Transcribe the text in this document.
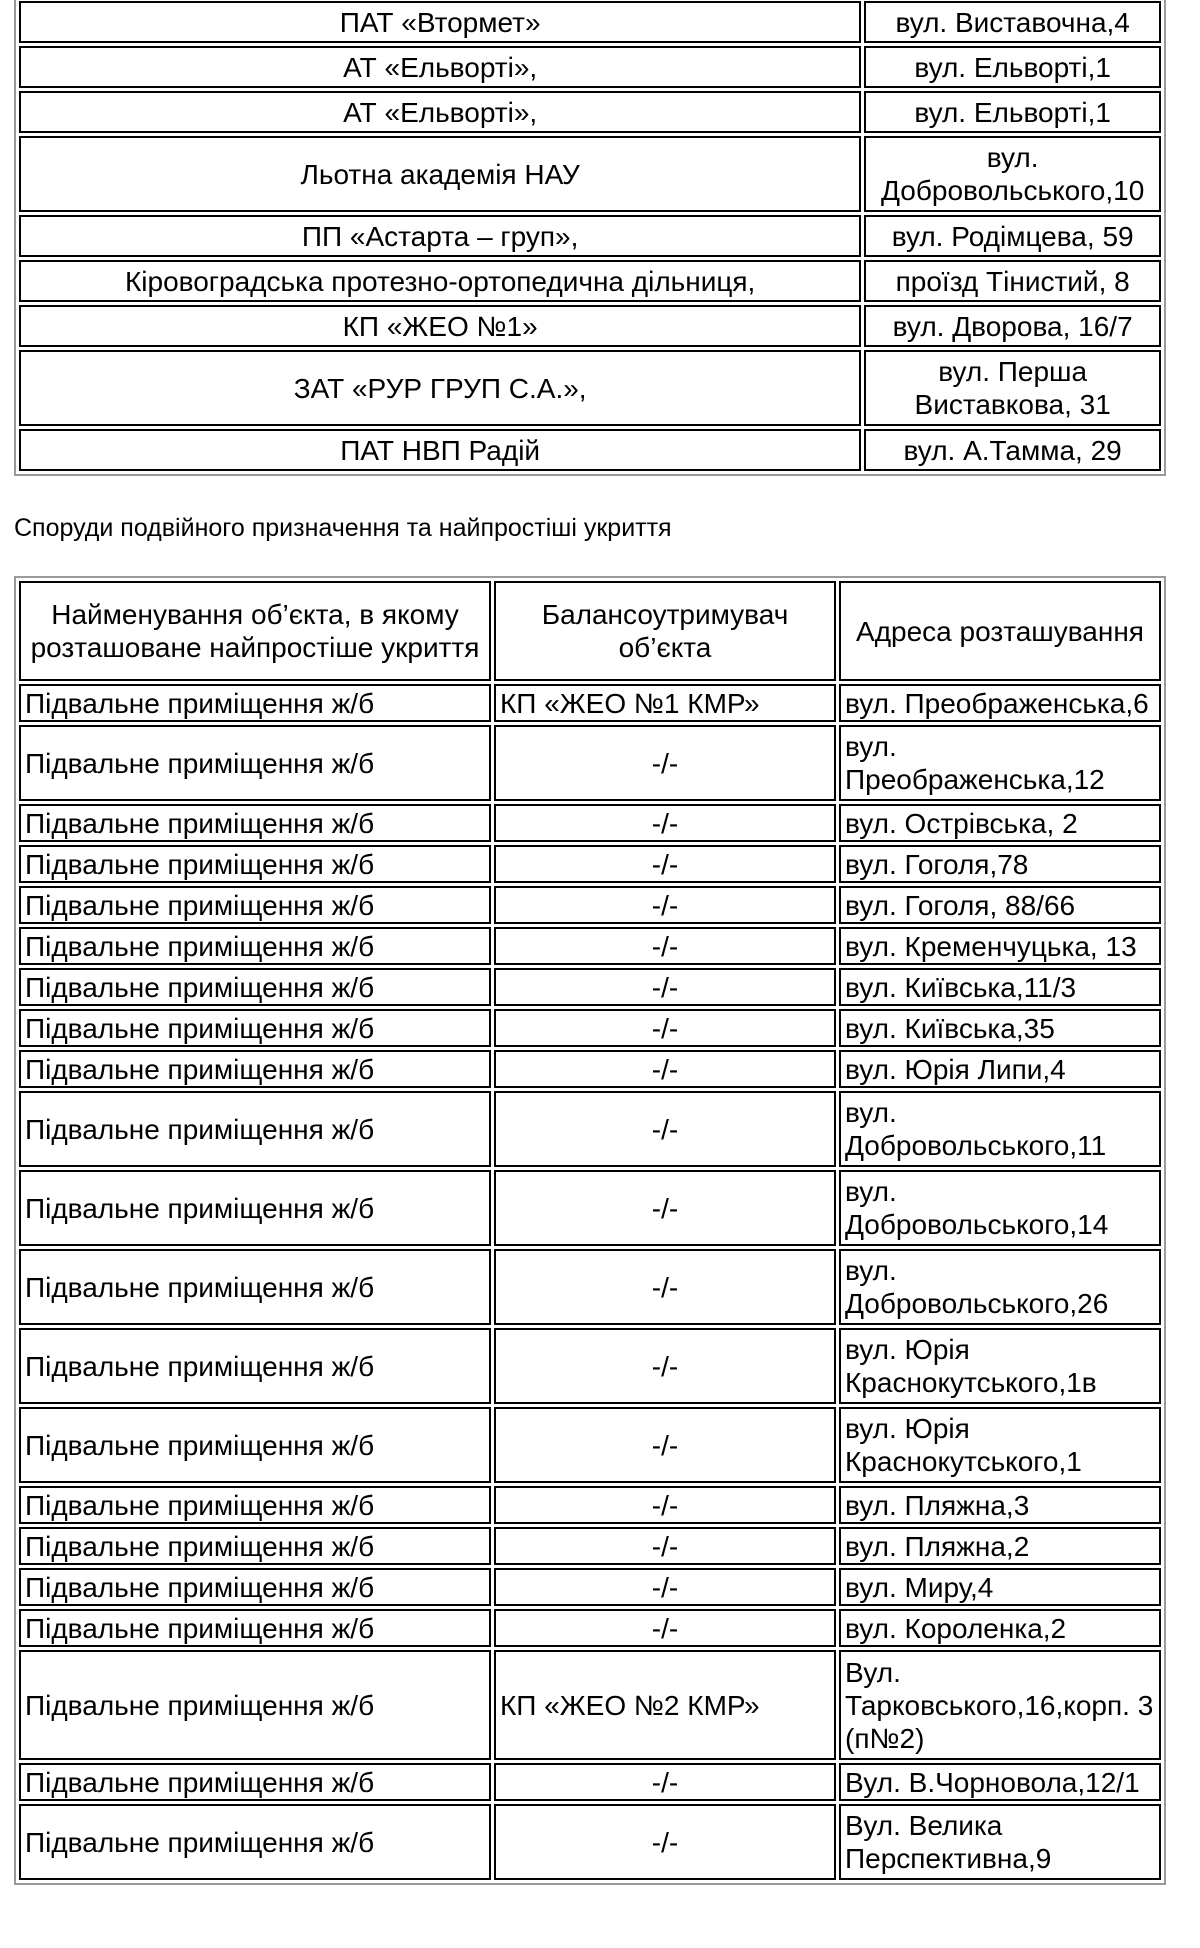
ПАТ «Втормет»	вул. Виставочна,4
АТ «Ельворті»,	вул. Ельворті,1
АТ «Ельворті»,	вул. Ельворті,1
Льотна академія НАУ	вул. Добровольського,10
ПП «Астарта – груп»,	вул. Родімцева, 59
Кіровоградська протезно-ортопедична дільниця,	проїзд Тінистий, 8
КП «ЖЕО №1»	вул. Дворова, 16/7
ЗАТ «РУР ГРУП С.А.»,	вул. Перша Виставкова, 31
ПАТ НВП Радій	вул. А.Тамма, 29

Споруди подвійного призначення та найпростіші укриття

Найменування об’єкта, в якому розташоване найпростіше укриття	Балансоутримувач об’єкта	Адреса розташування
Підвальне приміщення ж/б	КП «ЖЕО №1 КМР»	вул. Преображенська,6
Підвальне приміщення ж/б	-/-	вул. Преображенська,12
Підвальне приміщення ж/б	-/-	вул. Острівська, 2
Підвальне приміщення ж/б	-/-	вул. Гоголя,78
Підвальне приміщення ж/б	-/-	вул. Гоголя, 88/66
Підвальне приміщення ж/б	-/-	вул. Кременчуцька, 13
Підвальне приміщення ж/б	-/-	вул. Київська,11/3
Підвальне приміщення ж/б	-/-	вул. Київська,35
Підвальне приміщення ж/б	-/-	вул. Юрія Липи,4
Підвальне приміщення ж/б	-/-	вул. Добровольського,11
Підвальне приміщення ж/б	-/-	вул. Добровольського,14
Підвальне приміщення ж/б	-/-	вул. Добровольського,26
Підвальне приміщення ж/б	-/-	вул. Юрія Краснокутського,1в
Підвальне приміщення ж/б	-/-	вул. Юрія Краснокутського,1
Підвальне приміщення ж/б	-/-	вул. Пляжна,3
Підвальне приміщення ж/б	-/-	вул. Пляжна,2
Підвальне приміщення ж/б	-/-	вул. Миру,4
Підвальне приміщення ж/б	-/-	вул. Короленка,2
Підвальне приміщення ж/б	КП «ЖЕО №2 КМР»	Вул. Тарковського,16,корп. 3 (п№2)
Підвальне приміщення ж/б	-/-	Вул. В.Чорновола,12/1
Підвальне приміщення ж/б	-/-	Вул. Велика Перспективна,9
